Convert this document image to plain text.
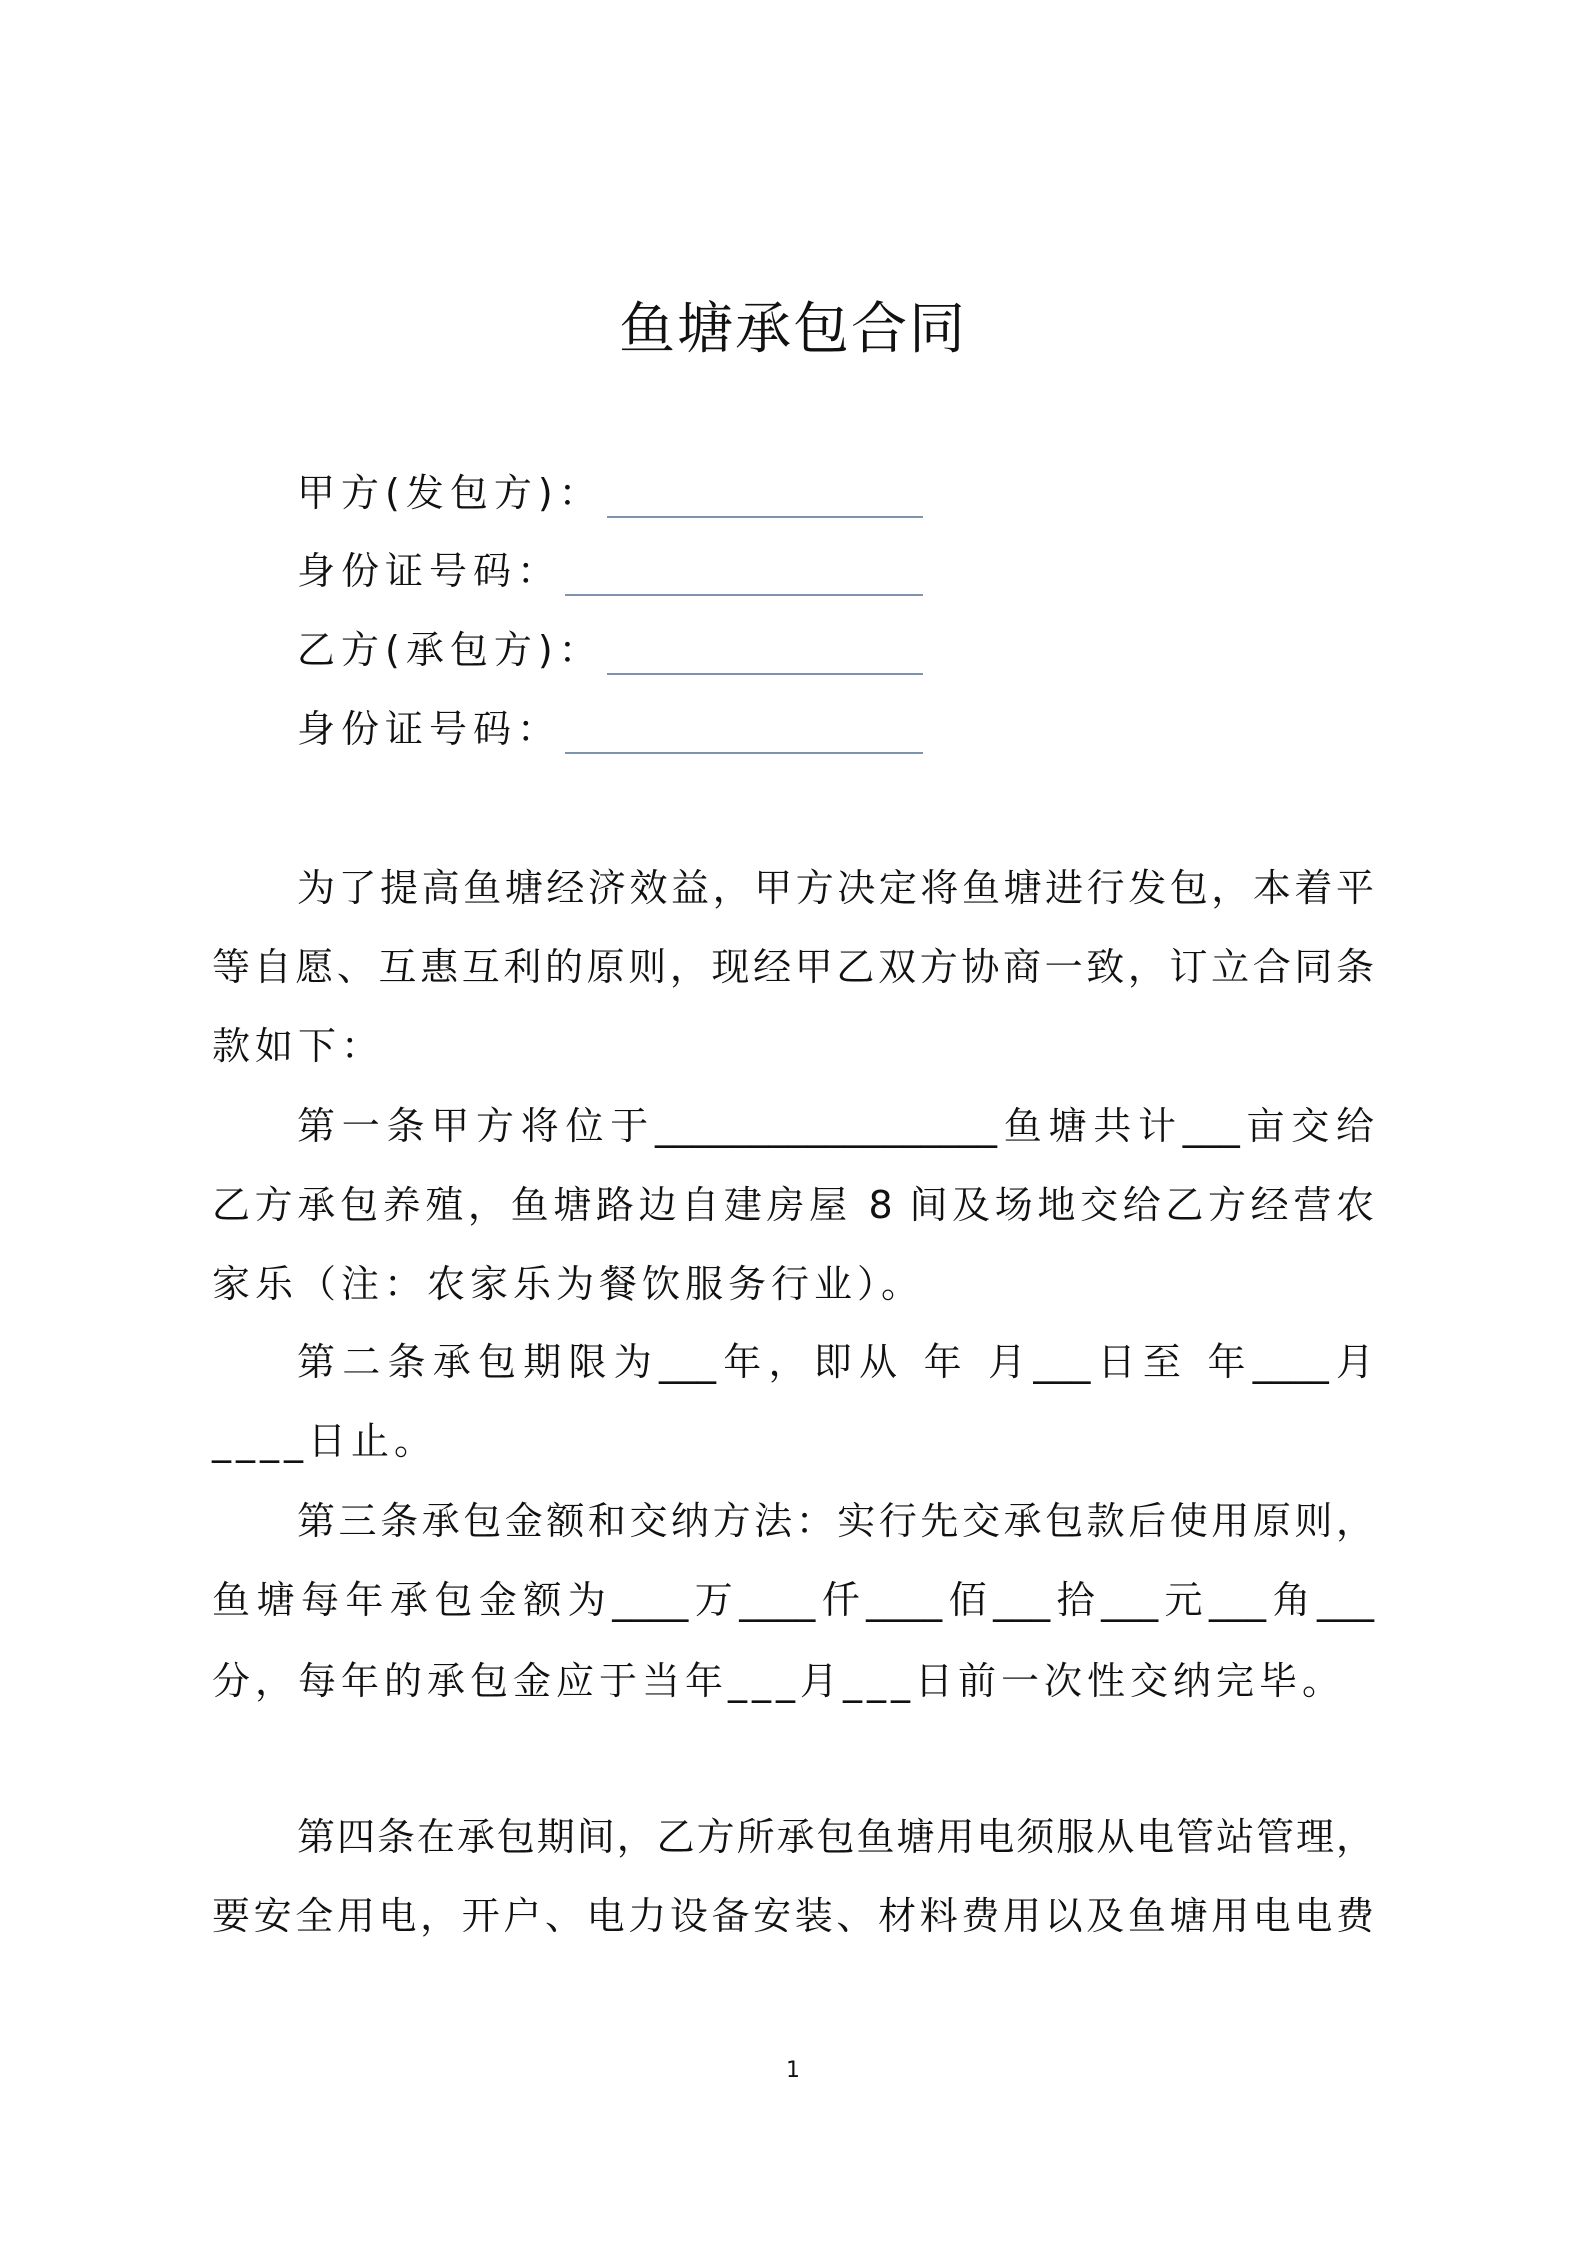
鱼塘承包合同
甲方(发包方)：
身份证号码：
乙方(承包方)：
身份证号码：
为了提高鱼塘经济效益，甲方决定将鱼塘进行发包，本着平
等自愿、互惠互利的原则，现经甲乙双方协商一致，订立合同条
款如下：
第一条甲方将位于__________________鱼塘共计___亩交给
乙方承包养殖，鱼塘路边自建房屋 8 间及场地交给乙方经营农
家乐（注：农家乐为餐饮服务行业）。
第二条承包期限为___年，即从 年 月___日至 年____月
____日止。
第三条承包金额和交纳方法：实行先交承包款后使用原则，
鱼塘每年承包金额为____万____仟____佰___拾___元___角___
分，每年的承包金应于当年___月___日前一次性交纳完毕。
第四条在承包期间，乙方所承包鱼塘用电须服从电管站管理，
要安全用电，开户、电力设备安装、材料费用以及鱼塘用电电费
1
